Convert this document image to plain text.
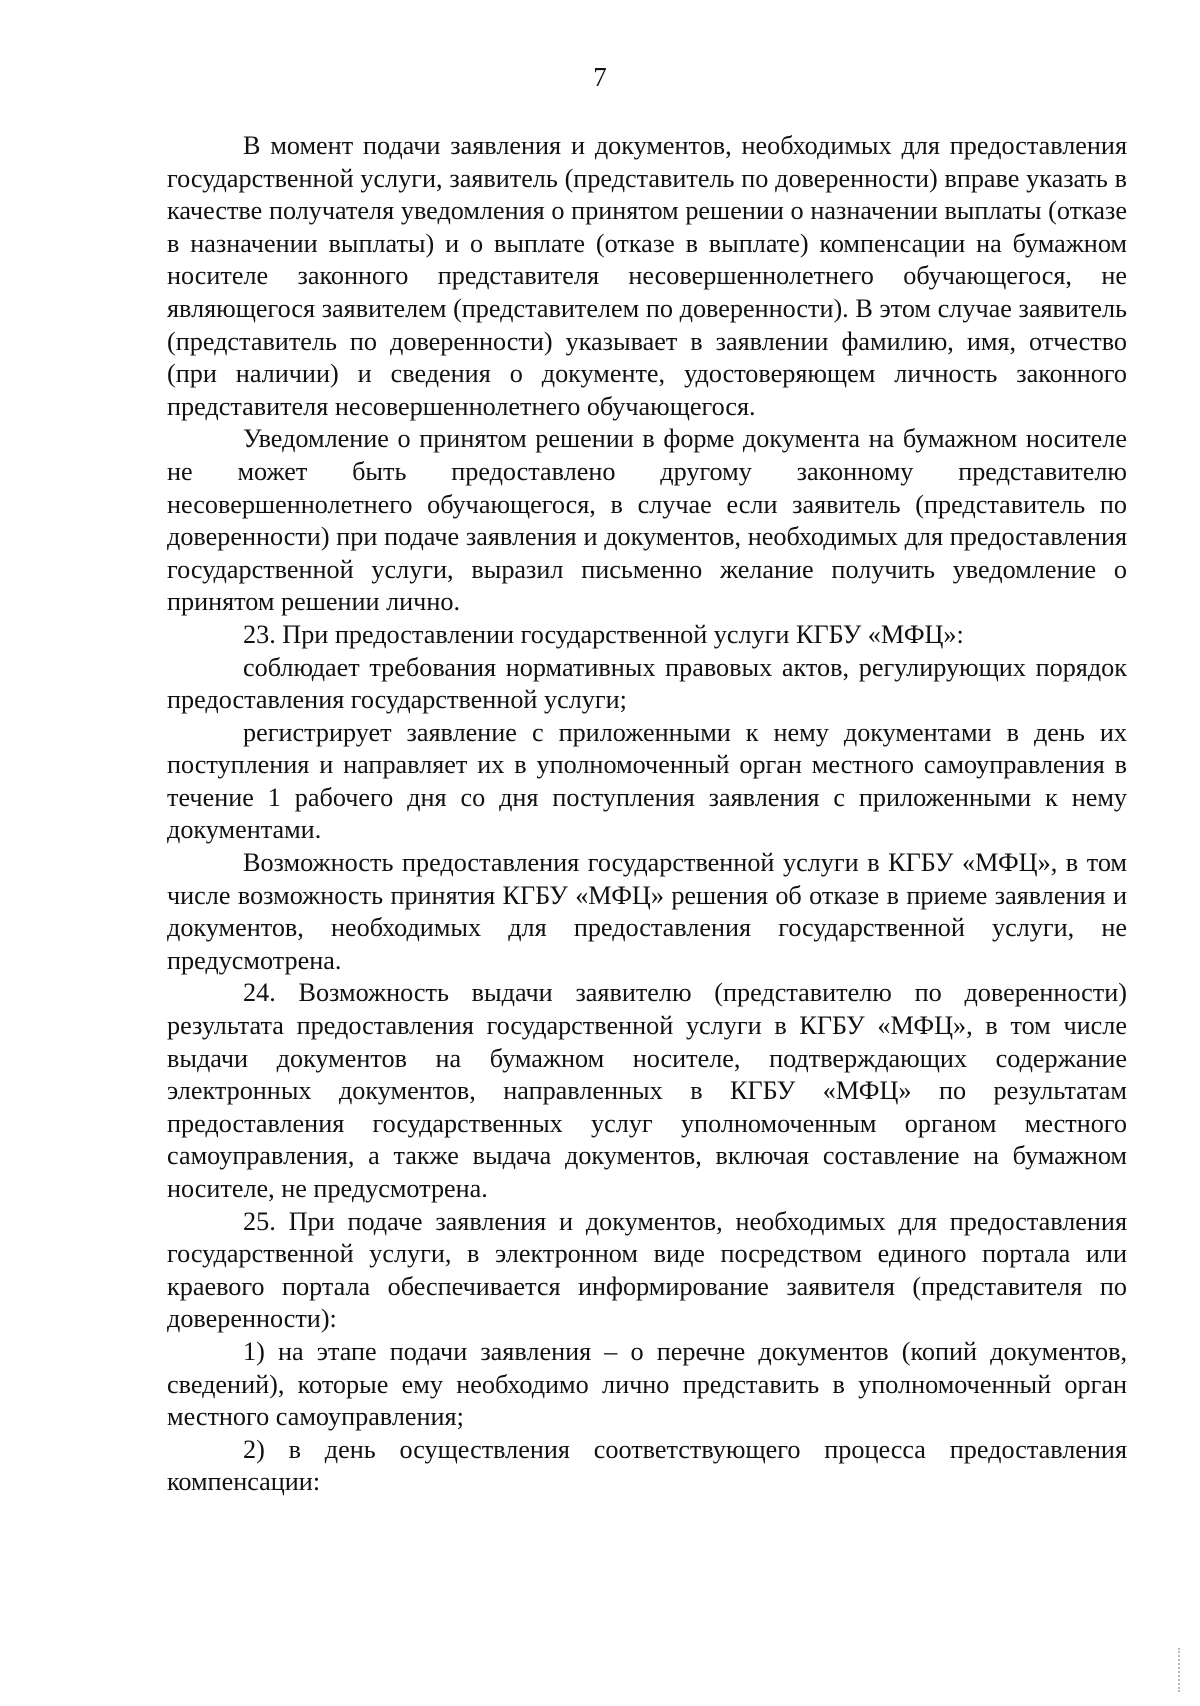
7

В момент подачи заявления и документов, необходимых для предоставления государственной услуги, заявитель (представитель по доверенности) вправе указать в качестве получателя уведомления о принятом решении о назначении выплаты (отказе в назначении выплаты) и о выплате (отказе в выплате) компенсации на бумажном носителе законного представителя несовершеннолетнего обучающегося, не являющегося заявителем (представителем по доверенности). В этом случае заявитель (представитель по доверенности) указывает в заявлении фамилию, имя, отчество (при наличии) и сведения о документе, удостоверяющем личность законного представителя несовершеннолетнего обучающегося.

Уведомление о принятом решении в форме документа на бумажном носителе не может быть предоставлено другому законному представителю несовершеннолетнего обучающегося, в случае если заявитель (представитель по доверенности) при подаче заявления и документов, необходимых для предоставления государственной услуги, выразил письменно желание получить уведомление о принятом решении лично.

23. При предоставлении государственной услуги КГБУ «МФЦ»:

соблюдает требования нормативных правовых актов, регулирующих порядок предоставления государственной услуги;

регистрирует заявление с приложенными к нему документами в день их поступления и направляет их в уполномоченный орган местного самоуправления в течение 1 рабочего дня со дня поступления заявления с приложенными к нему документами.

Возможность предоставления государственной услуги в КГБУ «МФЦ», в том числе возможность принятия КГБУ «МФЦ» решения об отказе в приеме заявления и документов, необходимых для предоставления государственной услуги, не предусмотрена.

24. Возможность выдачи заявителю (представителю по доверенности) результата предоставления государственной услуги в КГБУ «МФЦ», в том числе выдачи документов на бумажном носителе, подтверждающих содержание электронных документов, направленных в КГБУ «МФЦ» по результатам предоставления государственных услуг уполномоченным органом местного самоуправления, а также выдача документов, включая составление на бумажном носителе, не предусмотрена.

25. При подаче заявления и документов, необходимых для предоставления государственной услуги, в электронном виде посредством единого портала или краевого портала обеспечивается информирование заявителя (представителя по доверенности):

1) на этапе подачи заявления – о перечне документов (копий документов, сведений), которые ему необходимо лично представить в уполномоченный орган местного самоуправления;

2) в день осуществления соответствующего процесса предоставления компенсации:
